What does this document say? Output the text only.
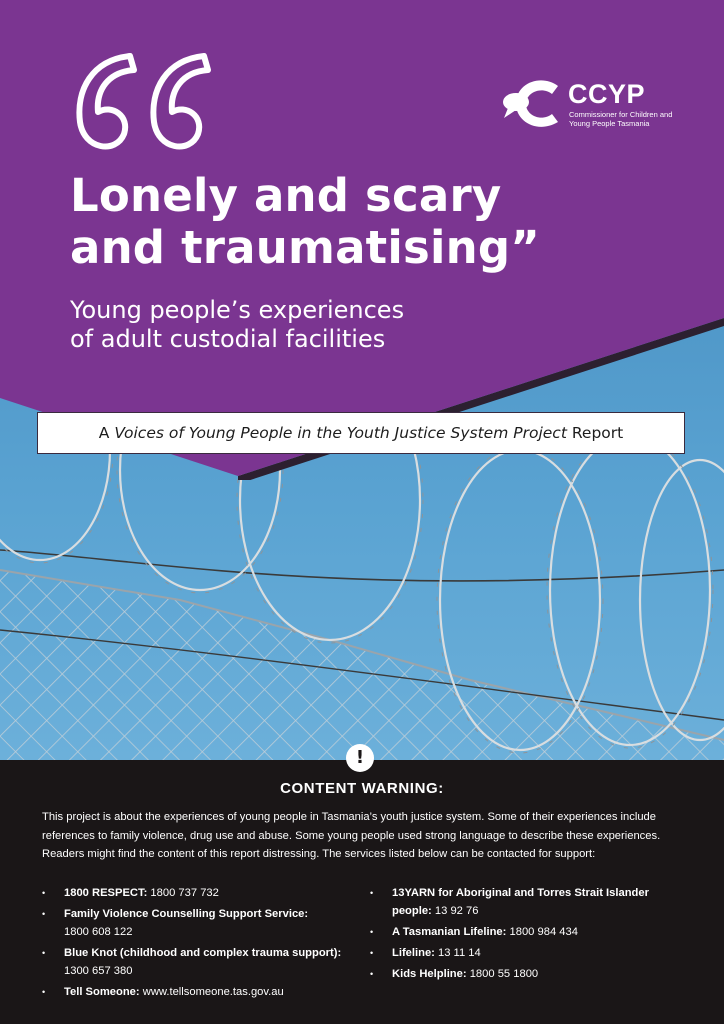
CCYP
Commissioner for Children and Young People Tasmania
Lonely and scary
and traumatising”
Young people’s experiences
of adult custodial facilities
A Voices of Young People in the Youth Justice System Project Report
!
CONTENT WARNING:

This project is about the experiences of young people in Tasmania’s youth justice system. Some of their experiences include references to family violence, drug use and abuse. Some young people used strong language to describe these experiences. Readers might find the content of this report distressing. The services listed below can be contacted for support:

• 1800 RESPECT: 1800 737 732
• Family Violence Counselling Support Service:
1800 608 122
• Blue Knot (childhood and complex trauma support):
1300 657 380
• Tell Someone: www.tellsomeone.tas.gov.au
• 13YARN for Aboriginal and Torres Strait Islander people: 13 92 76
• A Tasmanian Lifeline: 1800 984 434
• Lifeline: 13 11 14
• Kids Helpline: 1800 55 1800
